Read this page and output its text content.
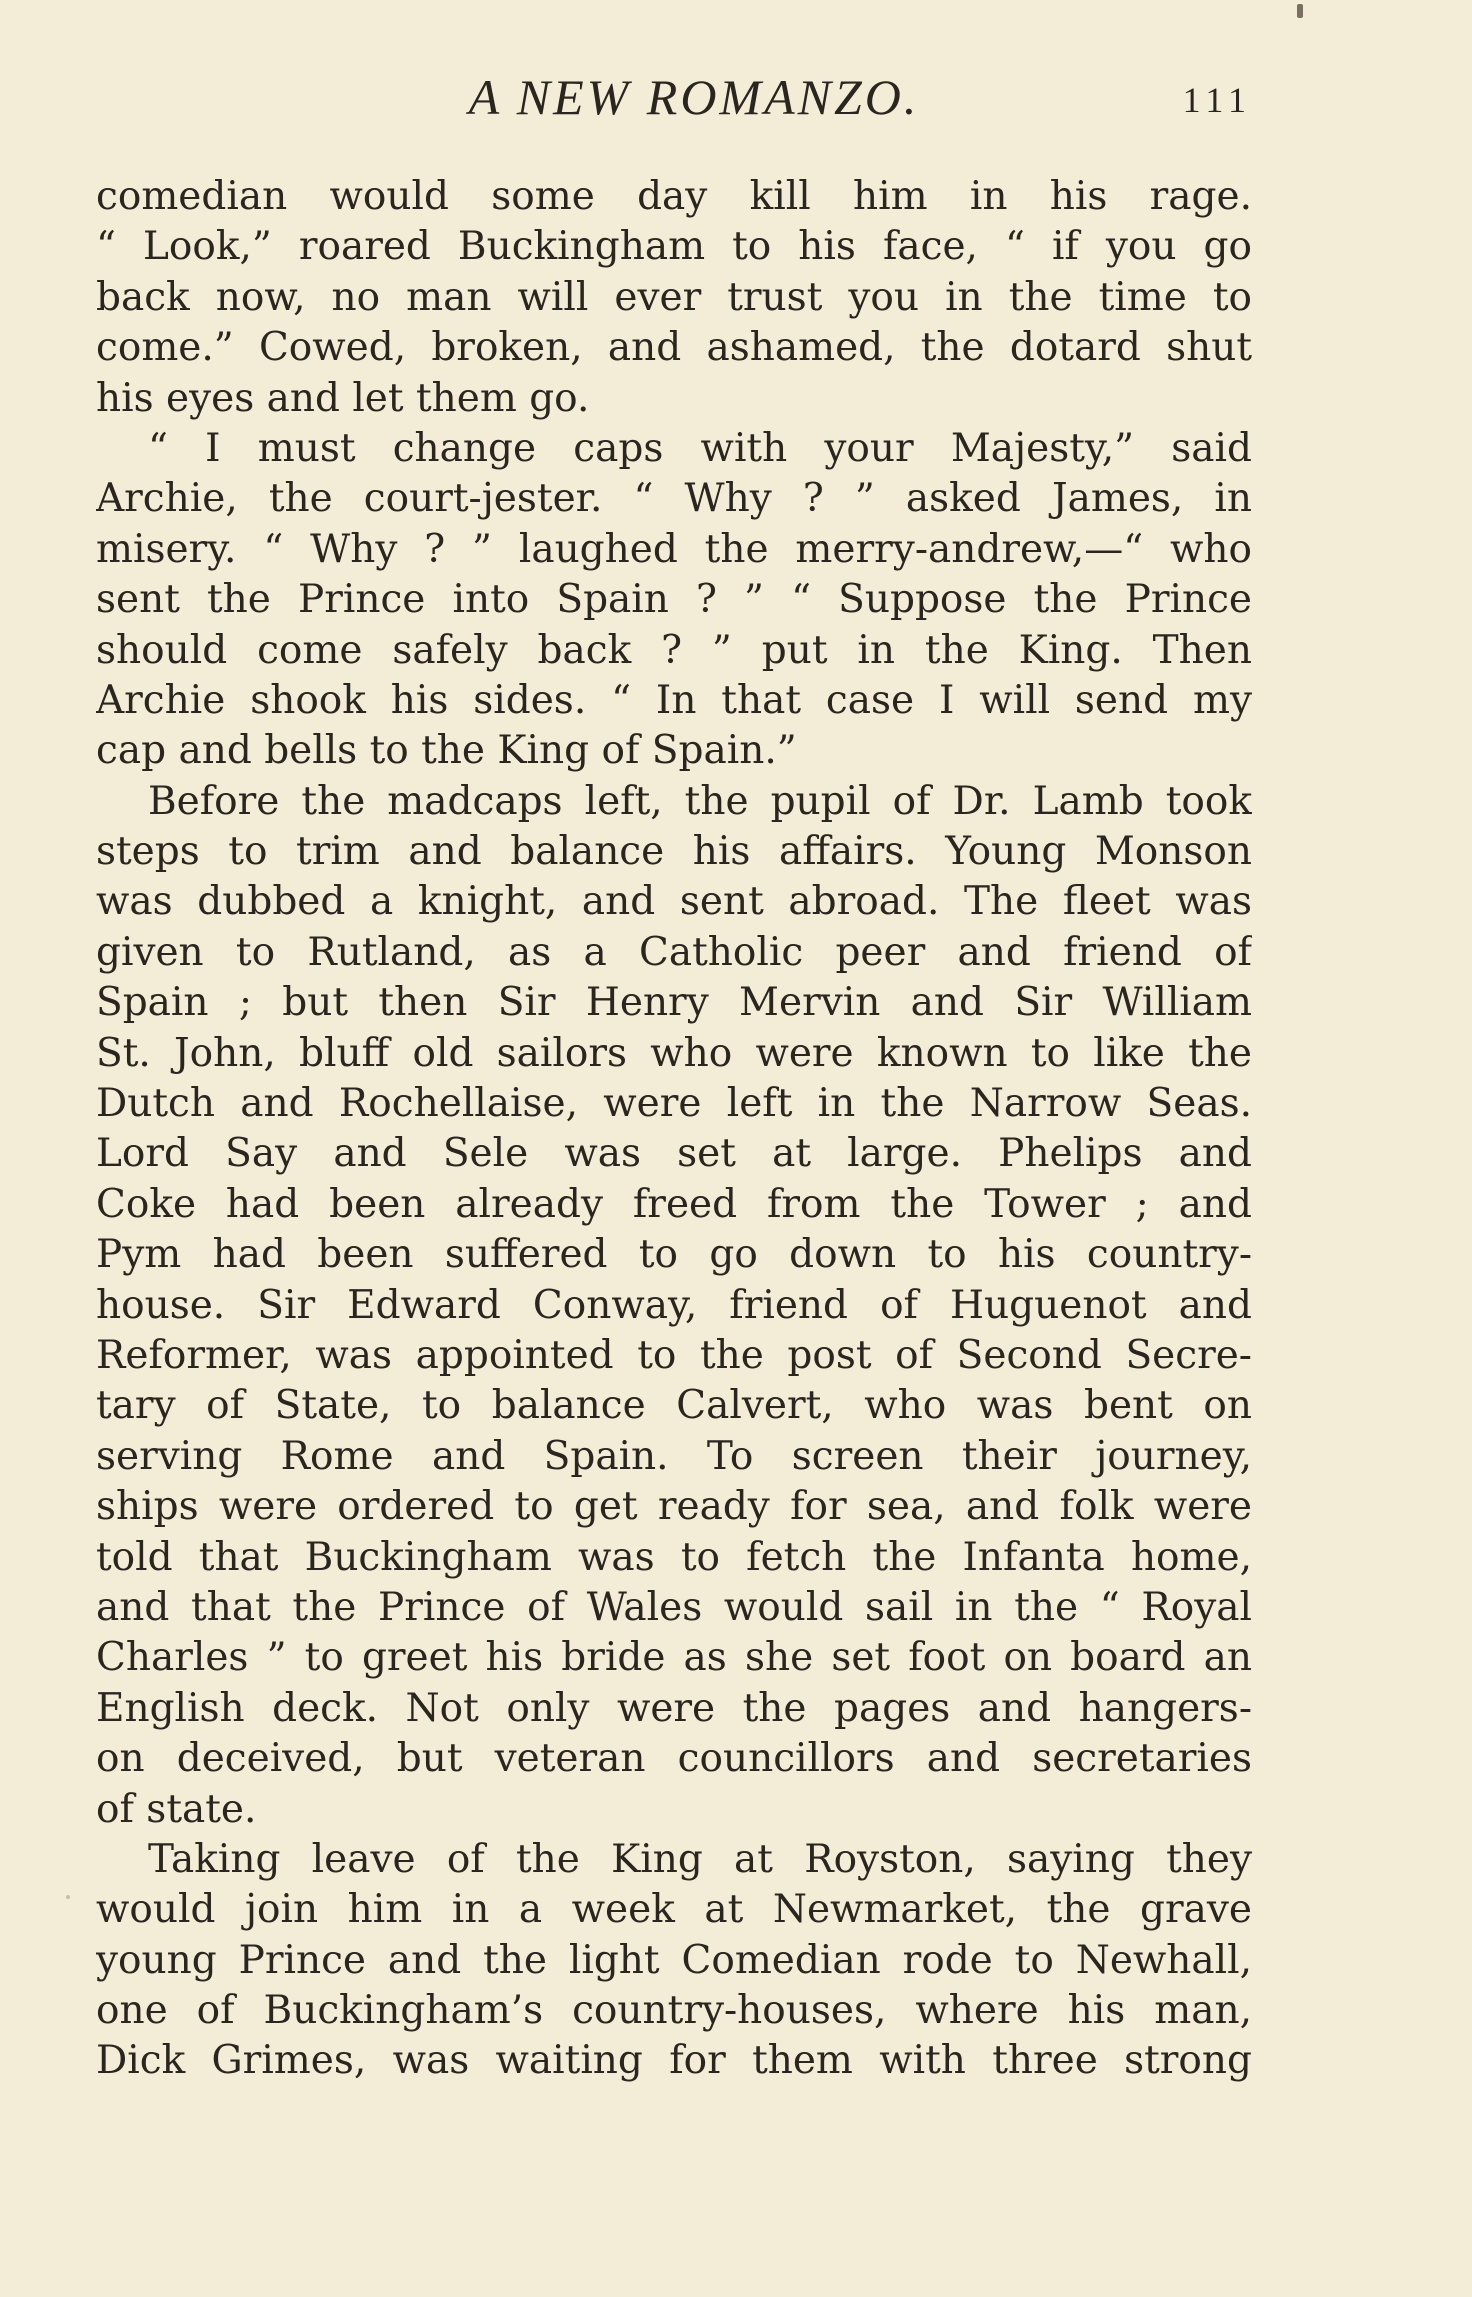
A NEW ROMANZO.	111
comedian would some day kill him in his rage.
“ Look,” roared Buckingham to his face, “ if you go
back now, no man will ever trust you in the time to
come.” Cowed, broken, and ashamed, the dotard shut
his eyes and let them go.
“ I must change caps with your Majesty,” said
Archie, the court-jester. “ Why ? ” asked James, in
misery. “ Why ? ” laughed the merry-andrew,—“ who
sent the Prince into Spain ? ” “ Suppose the Prince
should come safely back ? ” put in the King. Then
Archie shook his sides. “ In that case I will send my
cap and bells to the King of Spain.”
Before the madcaps left, the pupil of Dr. Lamb took
steps to trim and balance his affairs. Young Monson
was dubbed a knight, and sent abroad. The fleet was
given to Rutland, as a Catholic peer and friend of
Spain ; but then Sir Henry Mervin and Sir William
St. John, bluff old sailors who were known to like the
Dutch and Rochellaise, were left in the Narrow Seas.
Lord Say and Sele was set at large. Phelips and
Coke had been already freed from the Tower ; and
Pym had been suffered to go down to his country-
house. Sir Edward Conway, friend of Huguenot and
Reformer, was appointed to the post of Second Secre-
tary of State, to balance Calvert, who was bent on
serving Rome and Spain. To screen their journey,
ships were ordered to get ready for sea, and folk were
told that Buckingham was to fetch the Infanta home,
and that the Prince of Wales would sail in the “ Royal
Charles ” to greet his bride as she set foot on board an
English deck. Not only were the pages and hangers-
on deceived, but veteran councillors and secretaries
of state.
Taking leave of the King at Royston, saying they
would join him in a week at Newmarket, the grave
young Prince and the light Comedian rode to Newhall,
one of Buckingham’s country-houses, where his man,
Dick Grimes, was waiting for them with three strong
